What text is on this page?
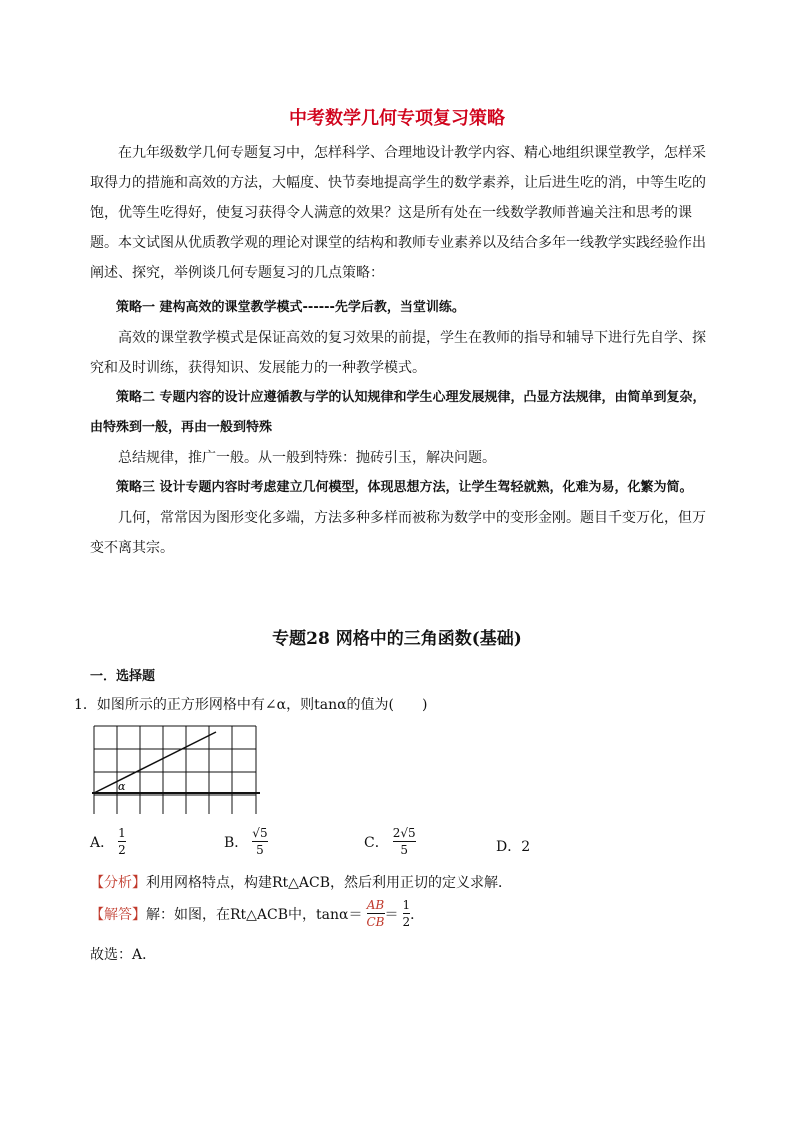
中考数学几何专项复习策略

在九年级数学几何专题复习中，怎样科学、合理地设计教学内容、精心地组织课堂教学，怎样采取得力的措施和高效的方法，大幅度、快节奏地提高学生的数学素养，让后进生吃的消，中等生吃的饱，优等生吃得好，使复习获得令人满意的效果？这是所有处在一线数学教师普遍关注和思考的课题。本文试图从优质教学观的理论对课堂的结构和教师专业素养以及结合多年一线教学实践经验作出阐述、探究，举例谈几何专题复习的几点策略：

策略一 建构高效的课堂教学模式------先学后教，当堂训练。

高效的课堂教学模式是保证高效的复习效果的前提，学生在教师的指导和辅导下进行先自学、探究和及时训练，获得知识、发展能力的一种教学模式。

策略二 专题内容的设计应遵循教与学的认知规律和学生心理发展规律，凸显方法规律，由简单到复杂，由特殊到一般，再由一般到特殊

总结规律，推广一般。从一般到特殊：抛砖引玉，解决问题。

策略三 设计专题内容时考虑建立几何模型，体现思想方法，让学生驾轻就熟，化难为易，化繁为简。

几何，常常因为图形变化多端，方法多种多样而被称为数学中的变形金刚。题目千变万化，但万变不离其宗。

专题28 网格中的三角函数(基础)
一．选择题
1．如图所示的正方形网格中有∠α，则tanα的值为(　　)
α
A． $\frac{1}{2}$	B． $\frac{√5}{5}$	C． $\frac{2√5}{5}$	D．2
【分析】利用网格特点，构建Rt△ACB，然后利用正切的定义求解．
【解答】 解：如图，在Rt△ACB中，$\tan\alpha= \frac{AB}{CB} = \frac{1}{2}$ ．
故选：A．
